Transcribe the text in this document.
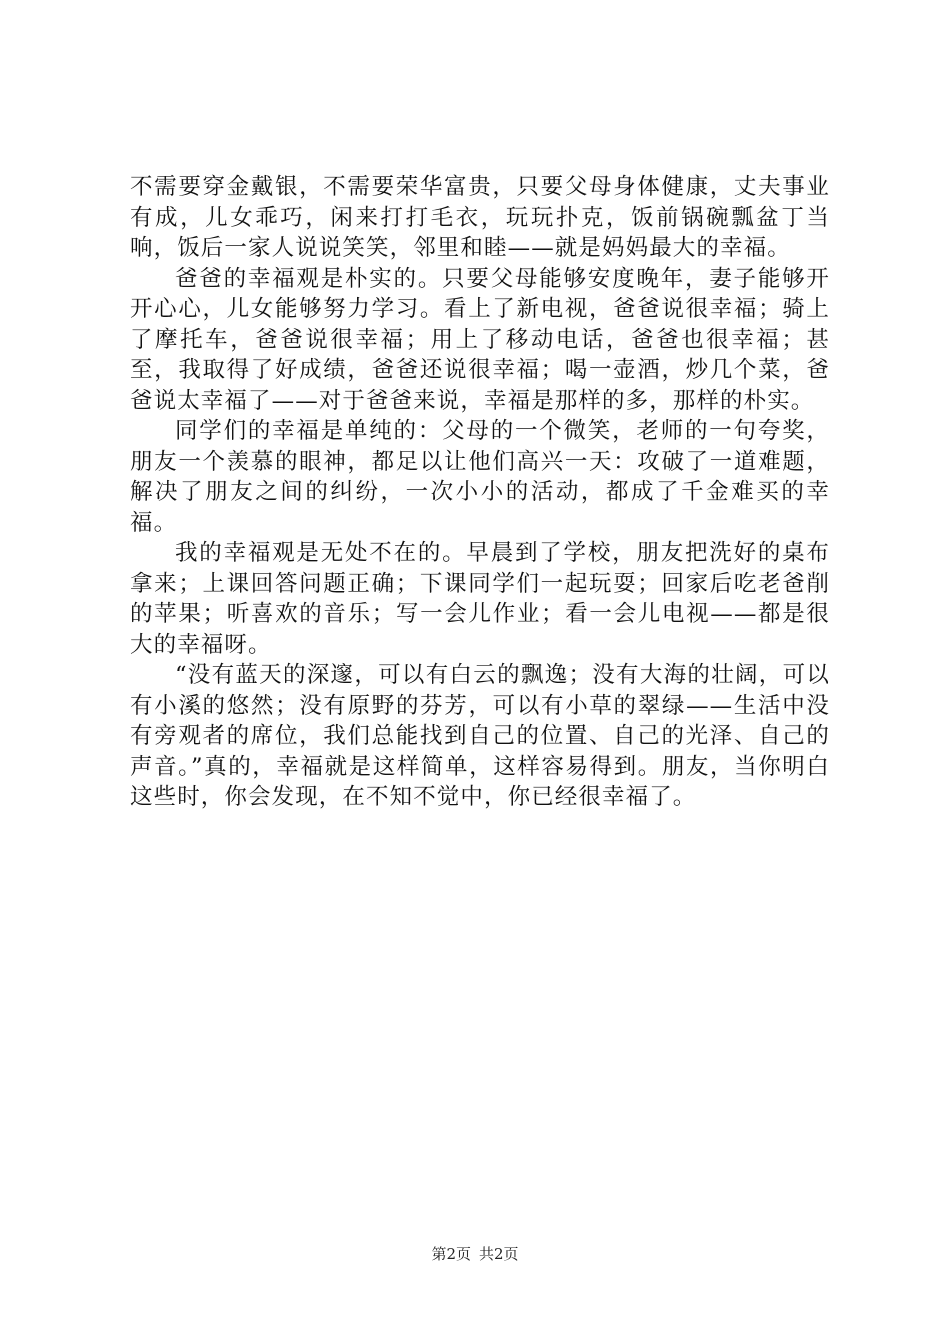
不需要穿金戴银，不需要荣华富贵，只要父母身体健康，丈夫事业有成，儿女乖巧，闲来打打毛衣，玩玩扑克，饭前锅碗瓢盆丁当响，饭后一家人说说笑笑，邻里和睦——就是妈妈最大的幸福。

爸爸的幸福观是朴实的。只要父母能够安度晚年，妻子能够开开心心，儿女能够努力学习。看上了新电视，爸爸说很幸福；骑上了摩托车，爸爸说很幸福；用上了移动电话，爸爸也很幸福；甚至，我取得了好成绩，爸爸还说很幸福；喝一壶酒，炒几个菜，爸爸说太幸福了——对于爸爸来说，幸福是那样的多，那样的朴实。

同学们的幸福是单纯的：父母的一个微笑，老师的一句夸奖，朋友一个羡慕的眼神，都足以让他们高兴一天：攻破了一道难题，解决了朋友之间的纠纷，一次小小的活动，都成了千金难买的幸福。

我的幸福观是无处不在的。早晨到了学校，朋友把洗好的桌布拿来；上课回答问题正确；下课同学们一起玩耍；回家后吃老爸削的苹果；听喜欢的音乐；写一会儿作业；看一会儿电视——都是很大的幸福呀。

“没有蓝天的深邃，可以有白云的飘逸；没有大海的壮阔，可以有小溪的悠然；没有原野的芬芳，可以有小草的翠绿——生活中没有旁观者的席位，我们总能找到自己的位置、自己的光泽、自己的声音。”真的，幸福就是这样简单，这样容易得到。朋友，当你明白这些时，你会发现，在不知不觉中，你已经很幸福了。

第2页 共2页
